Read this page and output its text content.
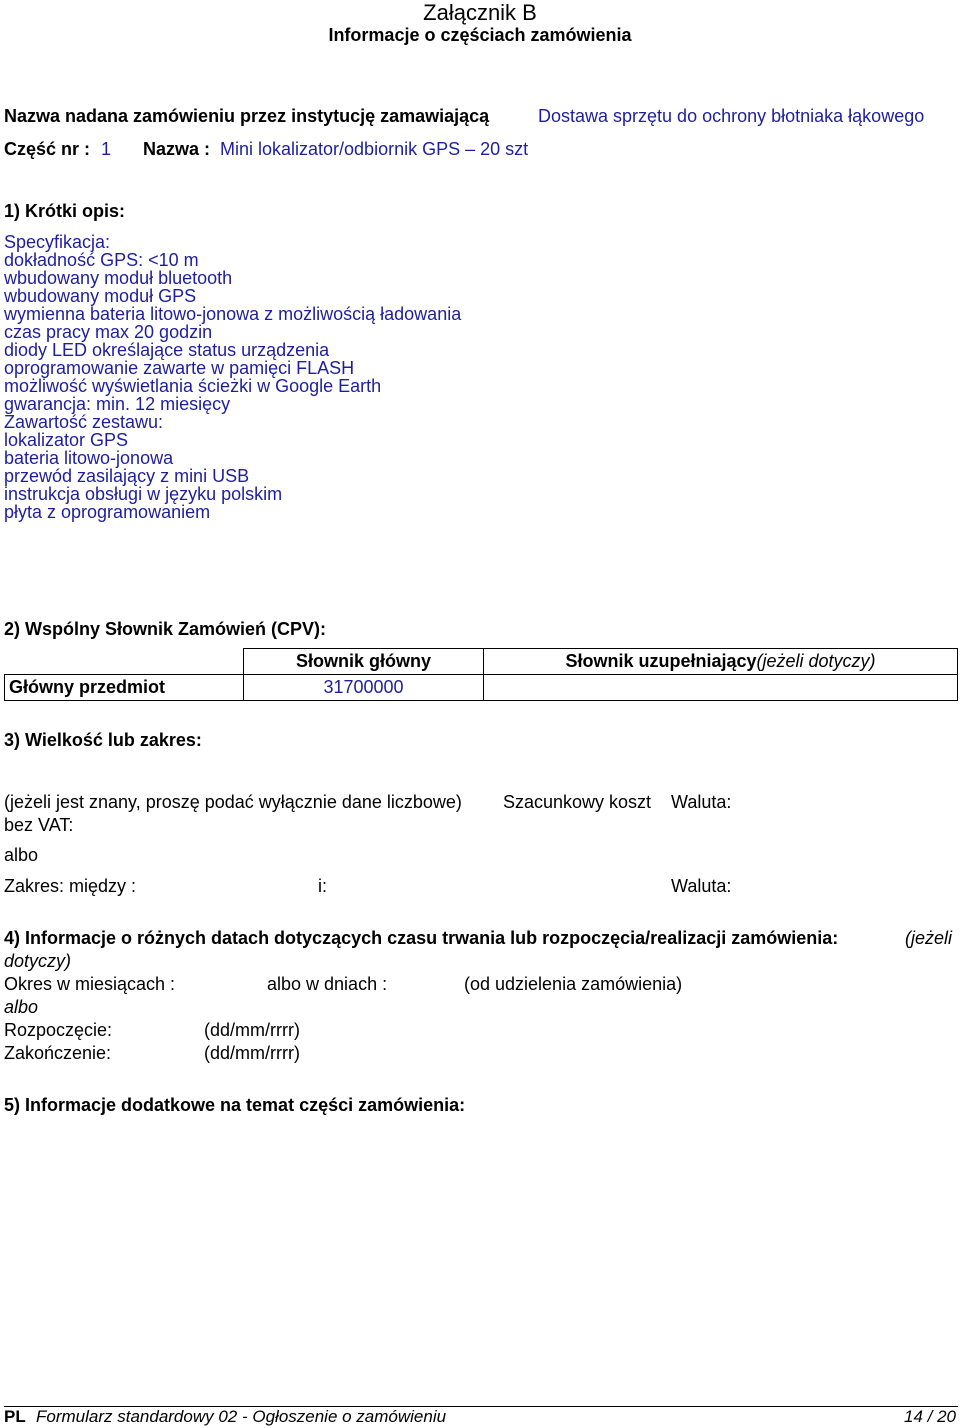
Załącznik B
Informacje o częściach zamówienia
Nazwa nadana zamówieniu przez instytucję zamawiającą	Dostawa sprzętu do ochrony błotniaka łąkowego
Część nr : 1 Nazwa : Mini lokalizator/odbiornik GPS – 20 szt
1) Krótki opis:
Specyfikacja:
dokładność GPS: <10 m
wbudowany moduł bluetooth
wbudowany moduł GPS
wymienna bateria litowo-jonowa z możliwością ładowania
czas pracy max 20 godzin
diody LED określające status urządzenia
oprogramowanie zawarte w pamięci FLASH
możliwość wyświetlania ścieżki w Google Earth
gwarancja: min. 12 miesięcy
Zawartość zestawu:
lokalizator GPS
bateria litowo-jonowa
przewód zasilający z mini USB
instrukcja obsługi w języku polskim
płyta z oprogramowaniem
2) Wspólny Słownik Zamówień (CPV):
	Słownik główny	Słownik uzupełniający(jeżeli dotyczy)
Główny przedmiot	31700000	
3) Wielkość lub zakres:
(jeżeli jest znany, proszę podać wyłącznie dane liczbowe) Szacunkowy koszt Waluta:
bez VAT:
albo
Zakres: między :	i:	Waluta:
4) Informacje o różnych datach dotyczących czasu trwania lub rozpoczęcia/realizacji zamówienia:	(jeżeli
dotyczy)
Okres w miesiącach :	albo w dniach :	(od udzielenia zamówienia)
albo
Rozpoczęcie:	(dd/mm/rrrr)
Zakończenie:	(dd/mm/rrrr)
5) Informacje dodatkowe na temat części zamówienia:
PL Formularz standardowy 02 - Ogłoszenie o zamówieniu	14 / 20
